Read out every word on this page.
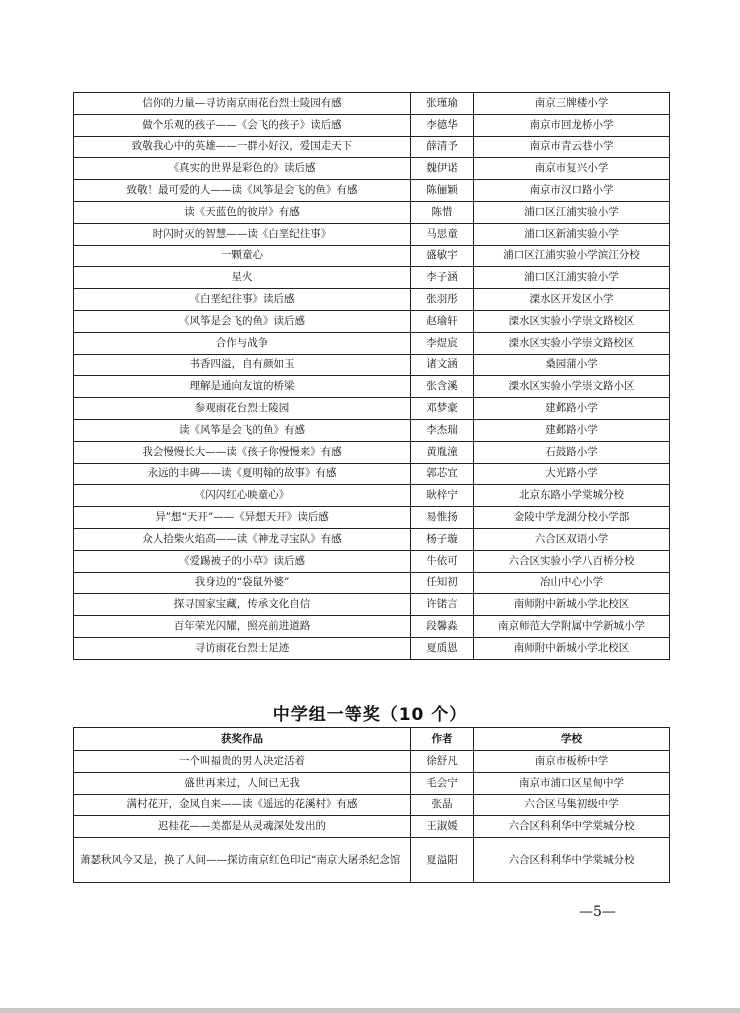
信你的力量—寻访南京雨花台烈士陵园有感	张瑾瑜	南京三牌楼小学
做个乐观的孩子——《会飞的孩子》读后感	李德华	南京市回龙桥小学
致敬我心中的英雄——一群小好汉，爱国走天下	薛清予	南京市青云巷小学
《真实的世界是彩色的》读后感	魏伊诺	南京市复兴小学
致敬！最可爱的人——读《风筝是会飞的鱼》有感	陈俪颖	南京市汉口路小学
读《天蓝色的彼岸》有感	陈惜	浦口区江浦实验小学
时闪时灭的智慧——读《白垩纪往事》	马思童	浦口区新浦实验小学
一颗童心	盛敏宇	浦口区江浦实验小学滨江分校
星火	李子涵	浦口区江浦实验小学
《白垩纪往事》读后感	张羽彤	溧水区开发区小学
《风筝是会飞的鱼》读后感	赵瑜轩	溧水区实验小学崇文路校区
合作与战争	李煜宸	溧水区实验小学崇文路校区
书香四溢，自有颜如玉	诸文涵	桑园蒲小学
理解是通向友谊的桥梁	张含溪	溧水区实验小学崇文路小区
参观雨花台烈士陵园	邓梦豪	建邺路小学
读《风筝是会飞的鱼》有感	李杰瑞	建邺路小学
我会慢慢长大——读《孩子你慢慢来》有感	黄胤潼	石鼓路小学
永远的丰碑——读《夏明翰的故事》有感	郭芯宜	大光路小学
《闪闪红心映童心》	耿梓宁	北京东路小学棠城分校
异”想“天开”——《异想天开》读后感	易惟扬	金陵中学龙湖分校小学部
众人拾柴火焰高——读《神龙寻宝队》有感	杨子璇	六合区双语小学
《爱踢被子的小草》读后感	牛依可	六合区实验小学八百桥分校
我身边的“袋鼠外婆”	任知初	冶山中心小学
探寻国家宝藏，传承文化自信	许锘言	南师附中新城小学北校区
百年荣光闪耀，照亮前进道路	段馨淼	南京师范大学附属中学新城小学
寻访雨花台烈士足迹	夏质恩	南师附中新城小学北校区
中学组一等奖（10 个）
获奖作品	作者	学校
一个叫福贵的男人决定活着	徐舒凡	南京市板桥中学
盛世再来过，人间已无我	毛会宁	南京市浦口区星甸中学
满村花开，金凤自来——读《遥远的花溪村》有感	张晶	六合区马集初级中学
迟桂花——美都是从灵魂深处发出的	王淑媛	六合区科利华中学棠城分校
萧瑟秋风今又是，换了人间——探访南京红色印记“南京大屠杀纪念馆	夏溢阳	六合区科利华中学棠城分校
—5—
